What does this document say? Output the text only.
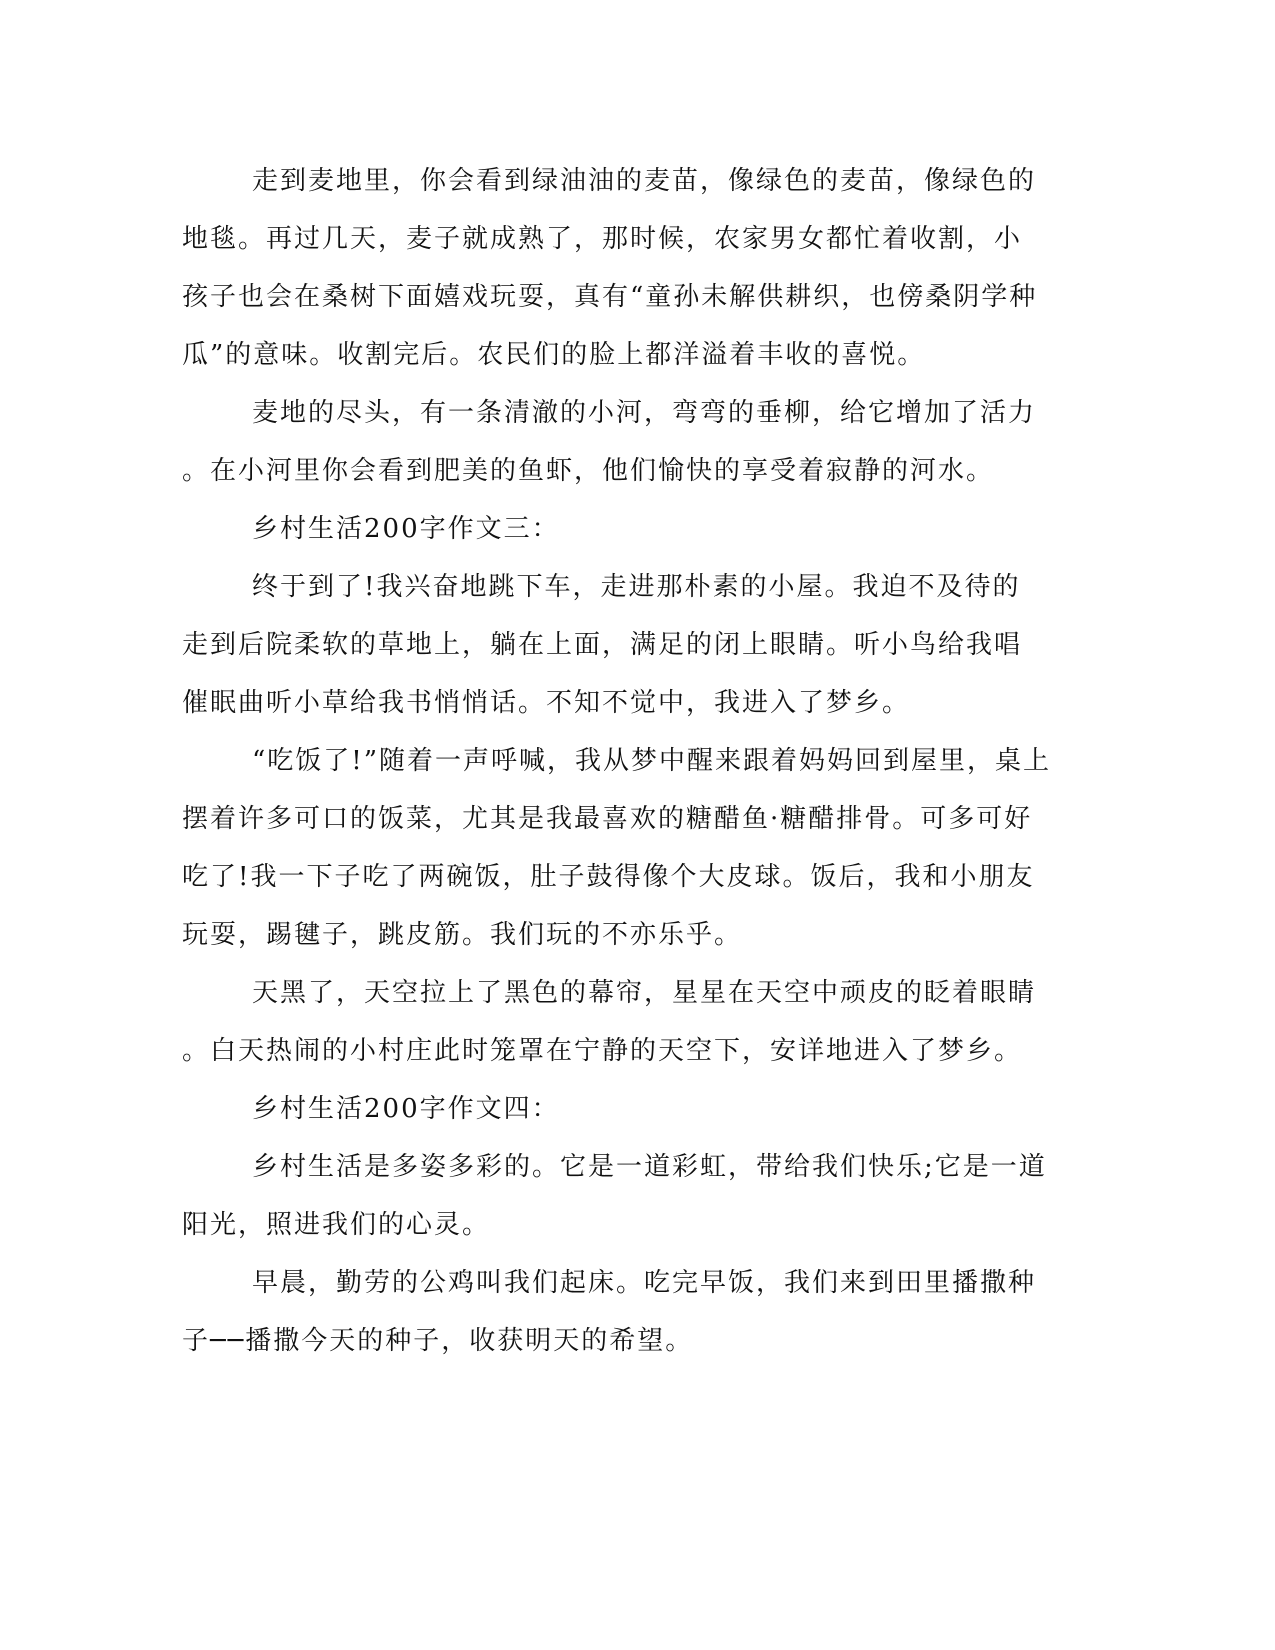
走到麦地里，你会看到绿油油的麦苗，像绿色的麦苗，像绿色的
地毯。再过几天，麦子就成熟了，那时候，农家男女都忙着收割，小
孩子也会在桑树下面嬉戏玩耍，真有“童孙未解供耕织，也傍桑阴学种
瓜”的意味。收割完后。农民们的脸上都洋溢着丰收的喜悦。
麦地的尽头，有一条清澈的小河，弯弯的垂柳，给它增加了活力
。在小河里你会看到肥美的鱼虾，他们愉快的享受着寂静的河水。
乡村生活200字作文三：
终于到了!我兴奋地跳下车，走进那朴素的小屋。我迫不及待的
走到后院柔软的草地上，躺在上面，满足的闭上眼睛。听小鸟给我唱
催眠曲听小草给我书悄悄话。不知不觉中，我进入了梦乡。
“吃饭了!”随着一声呼喊，我从梦中醒来跟着妈妈回到屋里，桌上
摆着许多可口的饭菜，尤其是我最喜欢的糖醋鱼·糖醋排骨。可多可好
吃了!我一下子吃了两碗饭，肚子鼓得像个大皮球。饭后，我和小朋友
玩耍，踢毽子，跳皮筋。我们玩的不亦乐乎。
天黑了，天空拉上了黑色的幕帘，星星在天空中顽皮的眨着眼睛
。白天热闹的小村庄此时笼罩在宁静的天空下，安详地进入了梦乡。
乡村生活200字作文四：
乡村生活是多姿多彩的。它是一道彩虹，带给我们快乐;它是一道
阳光，照进我们的心灵。
早晨，勤劳的公鸡叫我们起床。吃完早饭，我们来到田里播撒种
子──播撒今天的种子，收获明天的希望。
